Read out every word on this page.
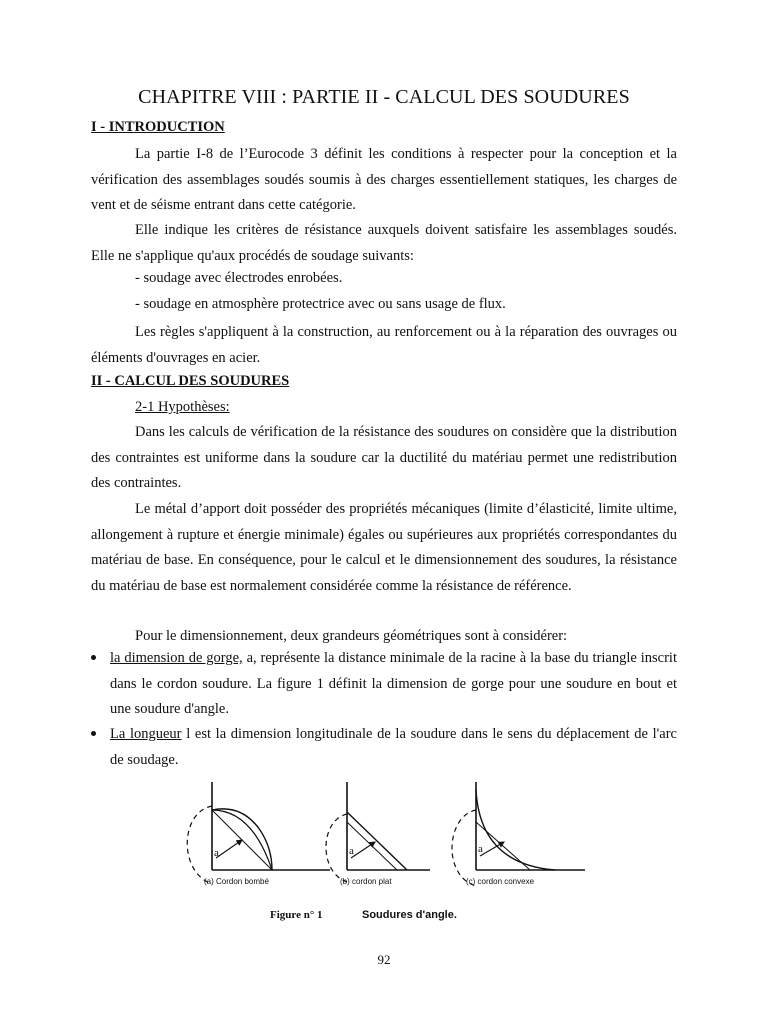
CHAPITRE VIII : PARTIE II - CALCUL DES SOUDURES

I - INTRODUCTION

La partie I-8 de l’Eurocode 3 définit les conditions à respecter pour la conception et la vérification des assemblages soudés soumis à des charges essentiellement statiques, les charges de vent et de séisme entrant dans cette catégorie.

Elle indique les critères de résistance auxquels doivent satisfaire les assemblages soudés. Elle ne s'applique qu'aux procédés de soudage suivants:

- soudage avec électrodes enrobées.

- soudage en atmosphère protectrice avec ou sans usage de flux.

Les règles s'appliquent à la construction, au renforcement ou à la réparation des ouvrages ou éléments d'ouvrages en acier.

II - CALCUL DES SOUDURES

2-1 Hypothèses:

Dans les calculs de vérification de la résistance des soudures on considère que la distribution des contraintes est uniforme dans la soudure car la ductilité du matériau permet une redistribution des contraintes.

Le métal d’apport doit posséder des propriétés mécaniques (limite d’élasticité, limite ultime, allongement à rupture et énergie minimale) égales ou supérieures aux propriétés correspondantes du matériau de base. En conséquence, pour le calcul et le dimensionnement des soudures, la résistance du matériau de base est normalement considérée comme la résistance de référence.

Pour le dimensionnement, deux grandeurs géométriques sont à considérer:

la dimension de gorge, a, représente la distance minimale de la racine à la base du triangle inscrit dans le cordon soudure. La figure 1 définit la dimension de gorge pour une soudure en bout et une soudure d'angle.

La longueur l est la dimension longitudinale de la soudure dans le sens du déplacement de l'arc de soudage.

a	a	a
(a) Cordon bombé	(b) cordon plat	(c) cordon convexe
Figure n° 1	Soudures d'angle.

92
